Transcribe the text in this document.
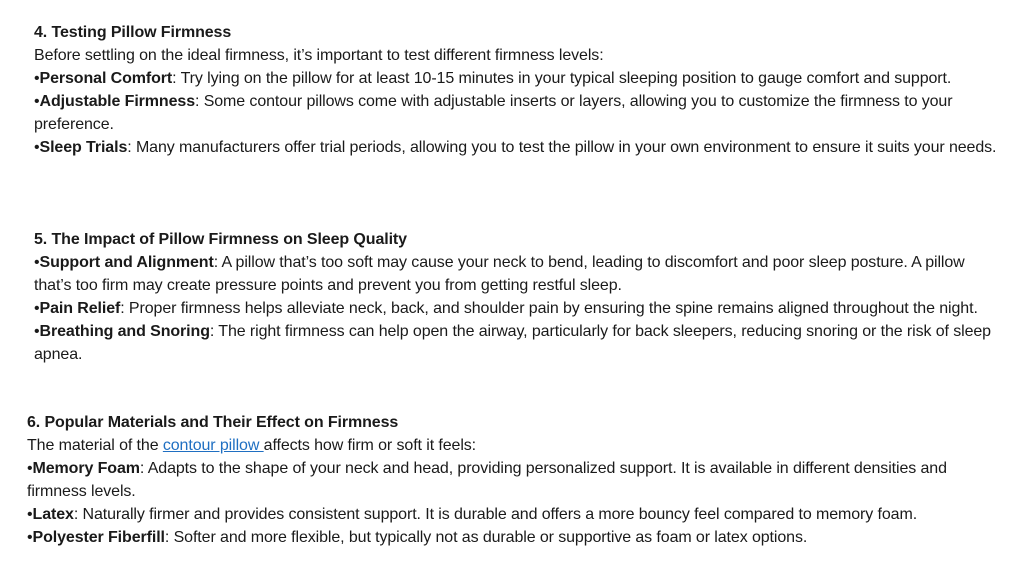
4. Testing Pillow Firmness

Before settling on the ideal firmness, it’s important to test different firmness levels:

•Personal Comfort: Try lying on the pillow for at least 10-15 minutes in your typical sleeping position to gauge comfort and support.

•Adjustable Firmness: Some contour pillows come with adjustable inserts or layers, allowing you to customize the firmness to your preference.

•Sleep Trials: Many manufacturers offer trial periods, allowing you to test the pillow in your own environment to ensure it suits your needs.

5. The Impact of Pillow Firmness on Sleep Quality

•Support and Alignment: A pillow that’s too soft may cause your neck to bend, leading to discomfort and poor sleep posture. A pillow that’s too firm may create pressure points and prevent you from getting restful sleep.

•Pain Relief: Proper firmness helps alleviate neck, back, and shoulder pain by ensuring the spine remains aligned throughout the night.

•Breathing and Snoring: The right firmness can help open the airway, particularly for back sleepers, reducing snoring or the risk of sleep apnea.

6. Popular Materials and Their Effect on Firmness

The material of the contour pillow affects how firm or soft it feels:

•Memory Foam: Adapts to the shape of your neck and head, providing personalized support. It is available in different densities and firmness levels.

•Latex: Naturally firmer and provides consistent support. It is durable and offers a more bouncy feel compared to memory foam.

•Polyester Fiberfill: Softer and more flexible, but typically not as durable or supportive as foam or latex options.
